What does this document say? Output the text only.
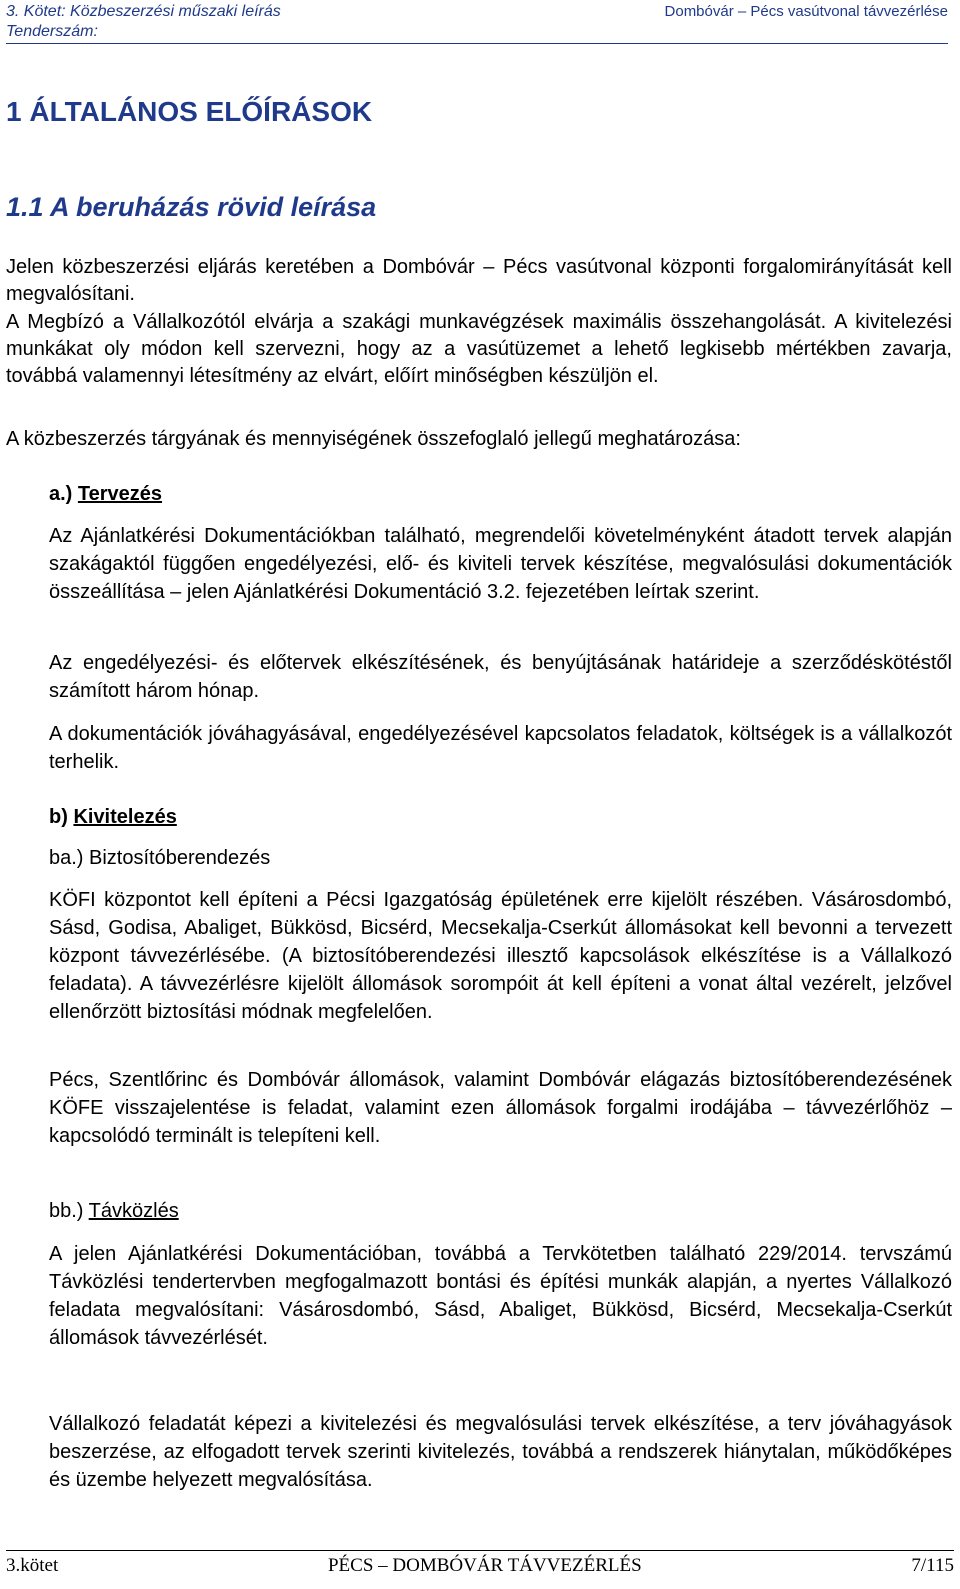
3. Kötet: Közbeszerzési műszaki leírás	Dombóvár – Pécs vasútvonal távvezérlése
Tenderszám:
1 ÁLTALÁNOS ELŐÍRÁSOK
1.1 A beruházás rövid leírása
Jelen közbeszerzési eljárás keretében a Dombóvár – Pécs vasútvonal központi forgalomirányítását kell megvalósítani.
A Megbízó a Vállalkozótól elvárja a szakági munkavégzések maximális összehangolását. A kivitelezési munkákat oly módon kell szervezni, hogy az a vasútüzemet a lehető legkisebb mértékben zavarja, továbbá valamennyi létesítmény az elvárt, előírt minőségben készüljön el.
A közbeszerzés tárgyának és mennyiségének összefoglaló jellegű meghatározása:
a.) Tervezés
Az Ajánlatkérési Dokumentációkban található, megrendelői követelményként átadott tervek alapján szakágaktól függően engedélyezési, elő- és kiviteli tervek készítése, megvalósulási dokumentációk összeállítása – jelen Ajánlatkérési Dokumentáció 3.2. fejezetében leírtak szerint.
Az engedélyezési- és előtervek elkészítésének, és benyújtásának határideje a szerződéskötéstől számított három hónap.
A dokumentációk jóváhagyásával, engedélyezésével kapcsolatos feladatok, költségek is a vállalkozót terhelik.
b) Kivitelezés
ba.) Biztosítóberendezés
KÖFI központot kell építeni a Pécsi Igazgatóság épületének erre kijelölt részében. Vásárosdombó, Sásd, Godisa, Abaliget, Bükkösd, Bicsérd, Mecsekalja-Cserkút állomásokat kell bevonni a tervezett központ távvezérlésébe. (A biztosítóberendezési illesztő kapcsolások elkészítése is a Vállalkozó feladata). A távvezérlésre kijelölt állomások sorompóit át kell építeni a vonat által vezérelt, jelzővel ellenőrzött biztosítási módnak megfelelően.
Pécs, Szentlőrinc és Dombóvár állomások, valamint Dombóvár elágazás biztosítóberendezésének KÖFE visszajelentése is feladat, valamint ezen állomások forgalmi irodájába – távvezérlőhöz – kapcsolódó terminált is telepíteni kell.
bb.) Távközlés
A jelen Ajánlatkérési Dokumentációban, továbbá a Tervkötetben található 229/2014. tervszámú Távközlési tendertervben megfogalmazott bontási és építési munkák alapján, a nyertes Vállalkozó feladata megvalósítani: Vásárosdombó, Sásd, Abaliget, Bükkösd, Bicsérd, Mecsekalja-Cserkút állomások távvezérlését.
Vállalkozó feladatát képezi a kivitelezési és megvalósulási tervek elkészítése, a terv jóváhagyások beszerzése, az elfogadott tervek szerinti kivitelezés, továbbá a rendszerek hiánytalan, működőképes és üzembe helyezett megvalósítása.
3.kötet	PÉCS – DOMBÓVÁR TÁVVEZÉRLÉS	7/115
